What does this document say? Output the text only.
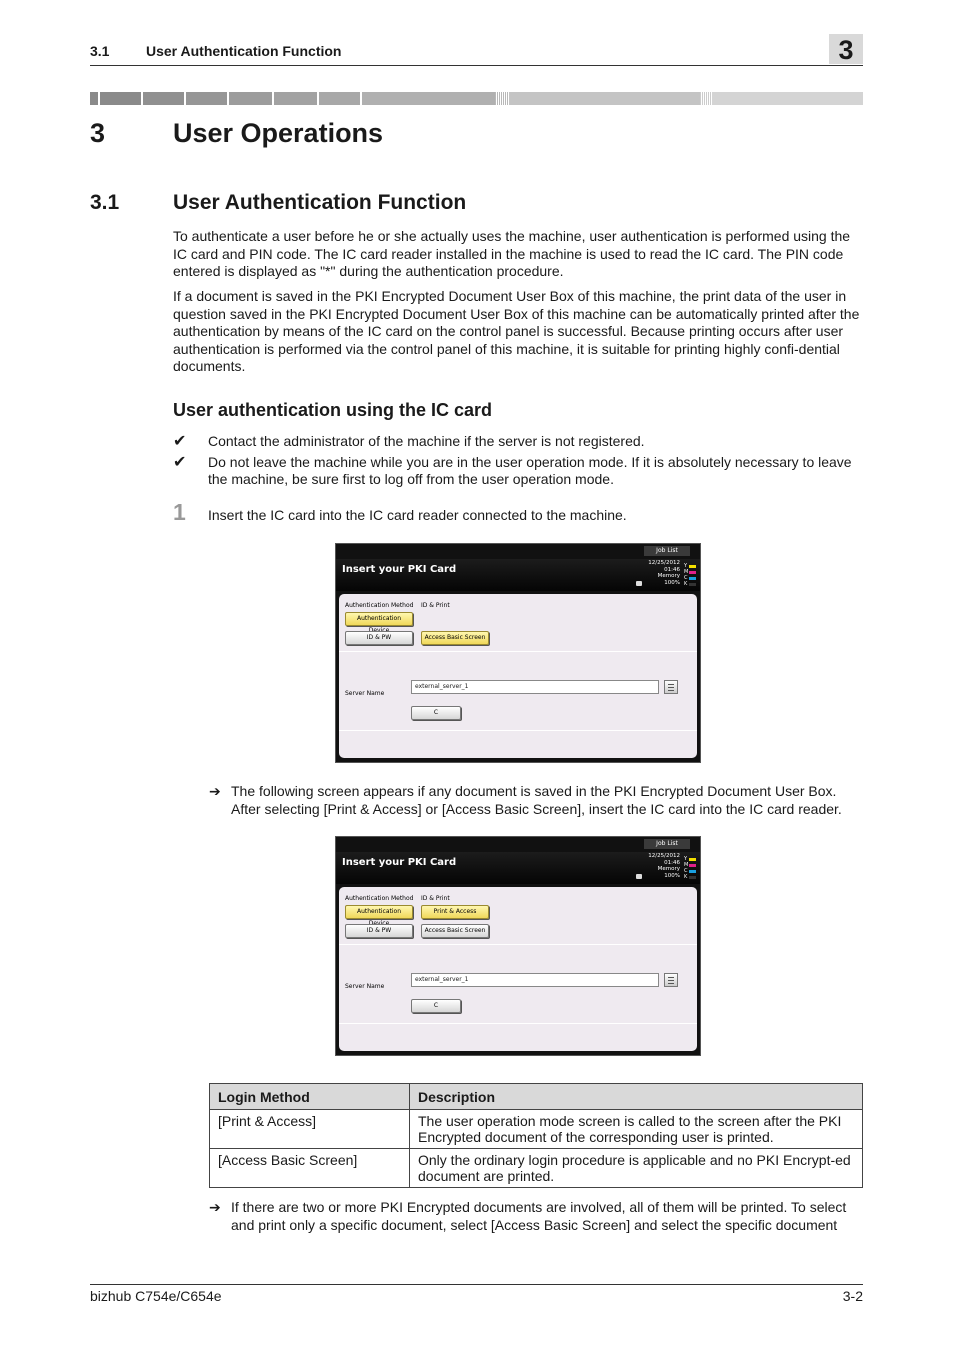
3.1	User Authentication Function	3
3	User Operations
3.1	User Authentication Function

To authenticate a user before he or she actually uses the machine, user authentication is performed using the IC card and PIN code. The IC card reader installed in the machine is used to read the IC card. The PIN code entered is displayed as "*" during the authentication procedure.

If a document is saved in the PKI Encrypted Document User Box of this machine, the print data of the user in question saved in the PKI Encrypted Document User Box of this machine can be automatically printed after the authentication by means of the IC card on the control panel is successful. Because printing occurs after user authentication is performed via the control panel of this machine, it is suitable for printing highly confi-dential documents.

User authentication using the IC card
✔ Contact the administrator of the machine if the server is not registered.
✔ Do not leave the machine while you are in the user operation mode. If it is absolutely necessary to leave the machine, be sure first to log off from the user operation mode.
1 Insert the IC card into the IC card reader connected to the machine.
Job List
Insert your PKI Card
12/25/2012
01:46
Memory
100%
Y
M
C
K
Authentication Method ID & Print
Authentication
ID & PW	Access Basic Screen
Server Name
external_server_1
C
➔ The following screen appears if any document is saved in the PKI Encrypted Document User Box. After selecting [Print & Access] or [Access Basic Screen], insert the IC card into the IC card reader.
Job List
Insert your PKI Card
12/25/2012
01:46
Memory
100%
Y
M
C
K
Authentication Method ID & Print
Authentication	Print & Access
ID & PW	Access Basic Screen
Server Name
external_server_1
C
Login Method	Description
[Print & Access]	The user operation mode screen is called to the screen after the PKI Encrypted document of the corresponding user is printed.
[Access Basic Screen]	Only the ordinary login procedure is applicable and no PKI Encrypt-ed document are printed.
➔ If there are two or more PKI Encrypted documents are involved, all of them will be printed. To select and print only a specific document, select [Access Basic Screen] and select the specific document
bizhub C754e/C654e	3-2
